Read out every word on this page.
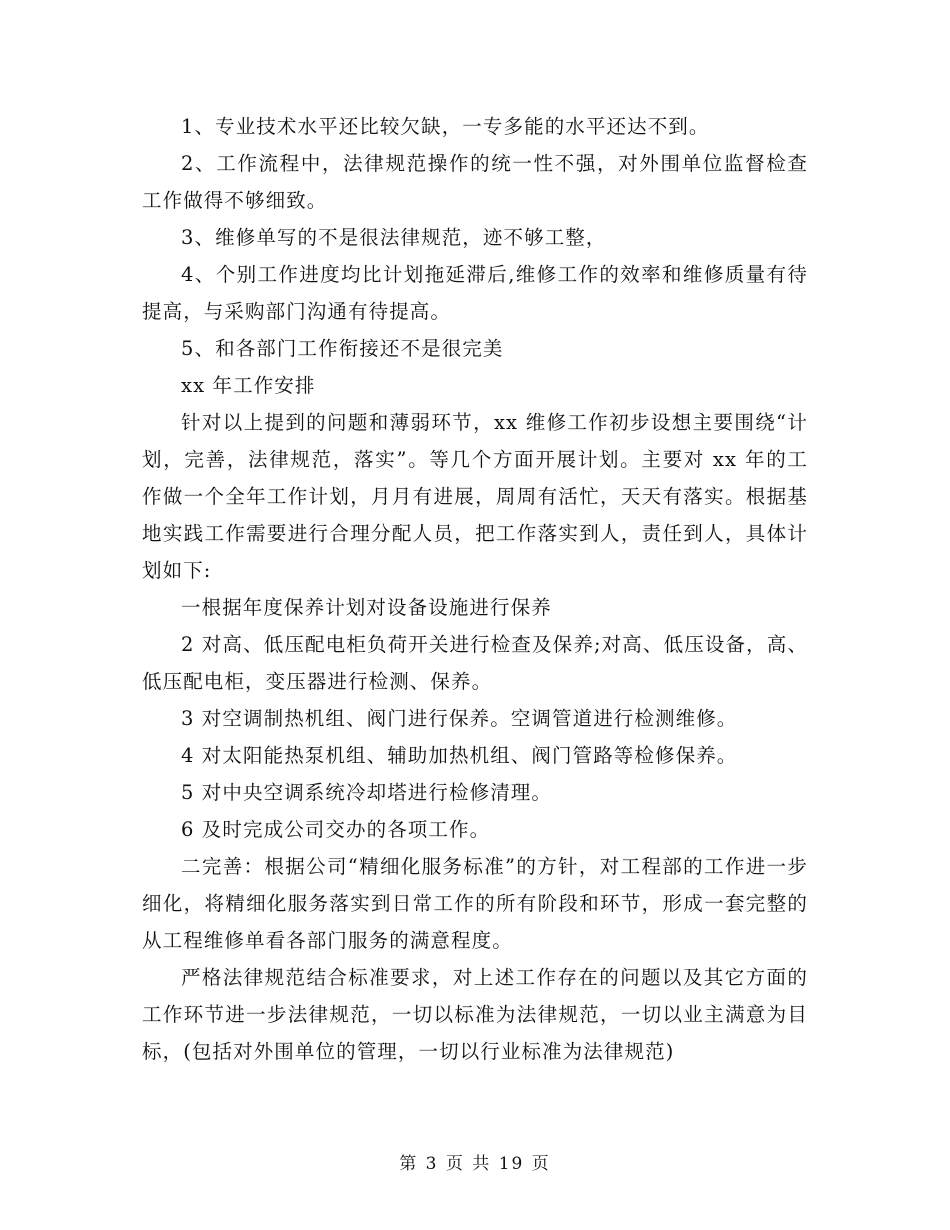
1、专业技术水平还比较欠缺，一专多能的水平还达不到。

2、工作流程中，法律规范操作的统一性不强，对外围单位监督检查工作做得不够细致。

3、维修单写的不是很法律规范，迹不够工整，

4、个别工作进度均比计划拖延滞后,维修工作的效率和维修质量有待提高，与采购部门沟通有待提高。

5、和各部门工作衔接还不是很完美

xx 年工作安排

针对以上提到的问题和薄弱环节，xx 维修工作初步设想主要围绕“计划，完善，法律规范，落实”。等几个方面开展计划。主要对 xx 年的工作做一个全年工作计划，月月有进展，周周有活忙，天天有落实。根据基地实践工作需要进行合理分配人员，把工作落实到人，责任到人，具体计划如下:

一根据年度保养计划对设备设施进行保养

2 对高、低压配电柜负荷开关进行检查及保养;对高、低压设备，高、低压配电柜，变压器进行检测、保养。

3 对空调制热机组、阀门进行保养。空调管道进行检测维修。

4 对太阳能热泵机组、辅助加热机组、阀门管路等检修保养。

5 对中央空调系统冷却塔进行检修清理。

6 及时完成公司交办的各项工作。

二完善：根据公司“精细化服务标准”的方针，对工程部的工作进一步细化，将精细化服务落实到日常工作的所有阶段和环节，形成一套完整的从工程维修单看各部门服务的满意程度。

严格法律规范结合标准要求，对上述工作存在的问题以及其它方面的工作环节进一步法律规范，一切以标准为法律规范，一切以业主满意为目标，(包括对外围单位的管理，一切以行业标准为法律规范)

第 3 页 共 19 页
